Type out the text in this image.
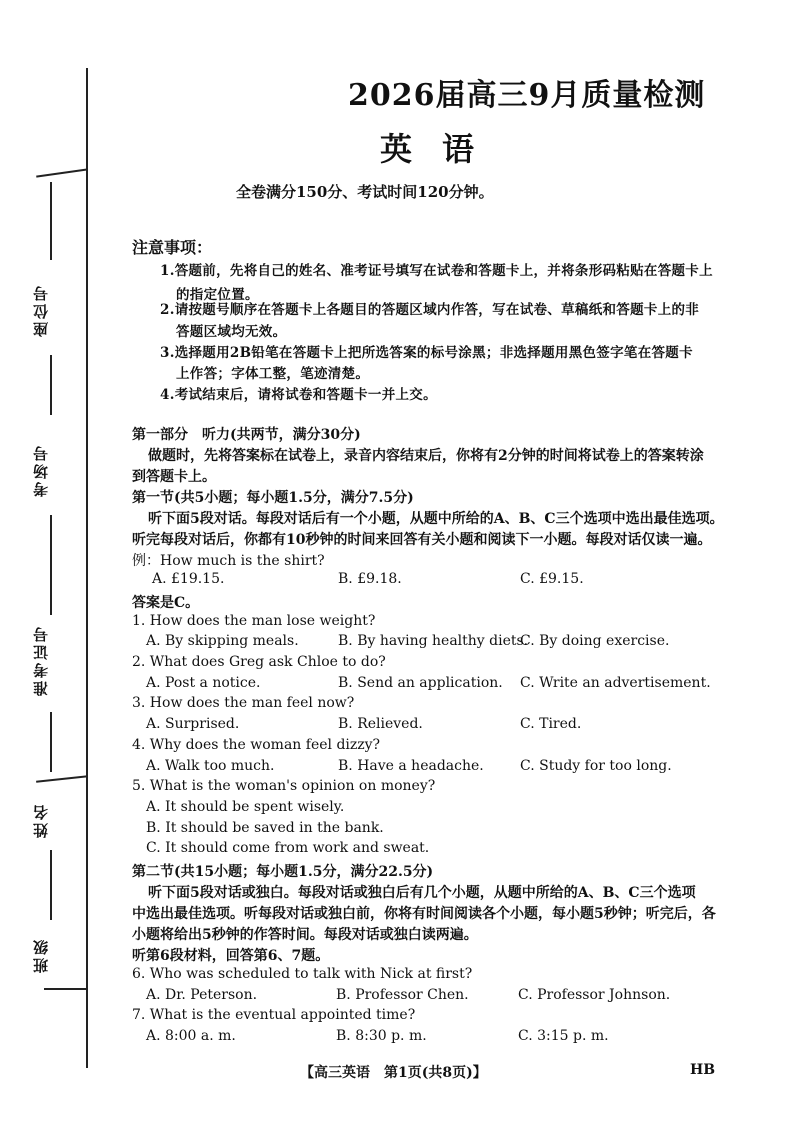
座位号
考场号
准考证号
姓名
班级
2026届高三9月质量检测
英语
全卷满分150分、考试时间120分钟。
注意事项：
1.答题前，先将自己的姓名、准考证号填写在试卷和答题卡上，并将条形码粘贴在答题卡上
的指定位置。
2.请按题号顺序在答题卡上各题目的答题区域内作答，写在试卷、草稿纸和答题卡上的非
答题区域均无效。
3.选择题用2B铅笔在答题卡上把所选答案的标号涂黑；非选择题用黑色签字笔在答题卡
上作答；字体工整，笔迹清楚。
4.考试结束后，请将试卷和答题卡一并上交。
第一部分　听力(共两节，满分30分)
做题时，先将答案标在试卷上，录音内容结束后，你将有2分钟的时间将试卷上的答案转涂
到答题卡上。
第一节(共5小题；每小题1.5分，满分7.5分)
听下面5段对话。每段对话后有一个小题，从题中所给的A、B、C三个选项中选出最佳选项。
听完每段对话后，你都有10秒钟的时间来回答有关小题和阅读下一小题。每段对话仅读一遍。
例：How much is the shirt?
A. £19.15.	B. £9.18.	C. £9.15.
答案是C。
1. How does the man lose weight?
A. By skipping meals.	B. By having healthy diets.
C. By doing exercise.
2. What does Greg ask Chloe to do?
A. Post a notice.	B. Send an application. C. Write an advertisement.
3. How does the man feel now?
A. Surprised.	B. Relieved.	C. Tired.
4. Why does the woman feel dizzy?
A. Walk too much.	B. Have a headache.	C. Study for too long.
5. What is the woman's opinion on money?
A. It should be spent wisely.
B. It should be saved in the bank.
C. It should come from work and sweat.
第二节(共15小题；每小题1.5分，满分22.5分)
听下面5段对话或独白。每段对话或独白后有几个小题，从题中所给的A、B、C三个选项
中选出最佳选项。听每段对话或独白前，你将有时间阅读各个小题，每小题5秒钟；听完后，各
小题将给出5秒钟的作答时间。每段对话或独白读两遍。
听第6段材料，回答第6、7题。
6. Who was scheduled to talk with Nick at first?
A. Dr. Peterson.	B. Professor Chen.	C. Professor Johnson.
7. What is the eventual appointed time?
A. 8:00 a. m.	B. 8:30 p. m.	C. 3:15 p. m.
【高三英语　第1页(共8页)】	HB
